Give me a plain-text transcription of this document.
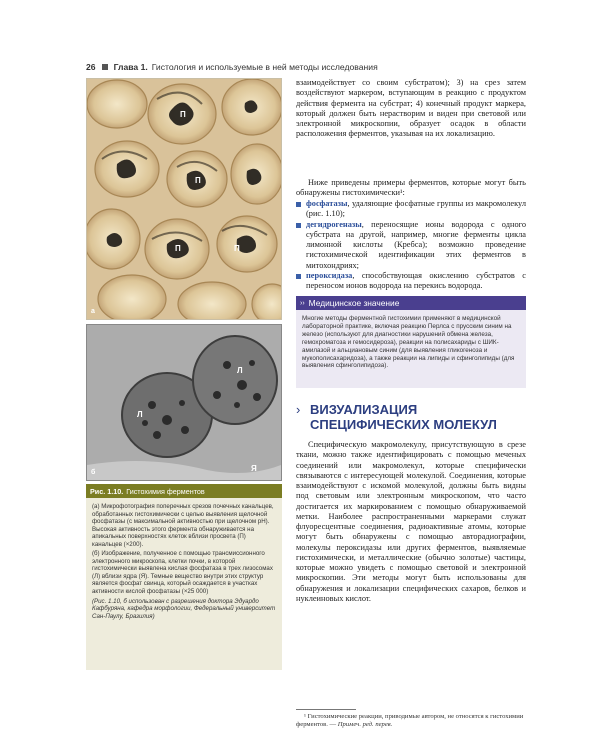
26 Глава 1. Гистология и используемые в ней методы исследования
П
П
П	П
а
Л
Л
Я
б
Рис. 1.10. Гистохимия ферментов

(а) Микрофотография поперечных срезов почечных канальцев, обработанных гистохимически с целью выявления щелочной фосфатазы (с максимальной активностью при щелочном рН). Высокая активность этого фермента обнаруживается на апикальных поверхностях клеток вблизи просвета (П) канальцев (×200).

(б) Изображение, полученное с помощью трансмиссионного электронного микроскопа, клетки почки, в которой гистохимически выявлена кислая фосфатаза в трех лизосомах (Л) вблизи ядра (Я). Темные вещество внутри этих структур является фосфат свинца, который осаждается в участках активности кислой фосфатазы (×25 000)

(Рис. 1.10, б использован с разрешения доктора Эдуардо Кафбуряна, кафедра морфологии, Федеральный университет Сан-Паулу, Бразилия)

взаимодействует со своим субстратом); 3) на срез затем воздействуют маркером, вступающим в реакцию с продуктом действия фермента на субстрат; 4) конечный продукт маркера, который должен быть нерастворим и виден при световой или электронной микроскопии, образует осадок в области расположения ферментов, указывая на их локализацию.

Ниже приведены примеры ферментов, которые могут быть обнаружены гистохимически¹:

фосфатазы, удаляющие фосфатные группы из макромолекул (рис. 1.10);
дегидрогеназы, переносящие ионы водорода с одного субстрата на другой, например, многие ферменты цикла лимонной кислоты (Кребса); возможно проведение гистохимической идентификации этих ферментов в митохондриях;
пероксидаза, способствующая окислению субстратов с переносом ионов водорода на перекись водорода.
›› Медицинское значение
Многие методы ферментной гистохимии применяют в медицинской лабораторной практике, включая реакцию Перлса с прусским синим на железо (используют для диагностики нарушений обмена железа, гемохроматоза и гемосидероза), реакции на полисахариды с ШИК-амилазой и альциановым синим (для выявления гликогеноза и мукополисахаридоза), а также реакции на липиды и сфинголипиды (для выявления сфинголипидоза).
› ВИЗУАЛИЗАЦИЯ СПЕЦИФИЧЕСКИХ МОЛЕКУЛ

Специфическую макромолекулу, присутствующую в срезе ткани, можно также идентифицировать с помощью меченых соединений или макромолекул, которые специфически связываются с интересующей молекулой. Соединения, которые взаимодействуют с искомой молекулой, должны быть видны под световым или электронным микроскопом, что часто достигается их маркированием с помощью обнаруживаемой метки. Наиболее распространенными маркерами служат флуоресцентные соединения, радиоактивные атомы, которые могут быть обнаружены с помощью авторадиографии, молекулы пероксидазы или других ферментов, выявляемые гистохимически, и металлические (обычно золотые) частицы, которые можно увидеть с помощью световой и электронной микроскопии. Эти методы могут быть использованы для обнаружения и локализации специфических сахаров, белков и нуклеиновых кислот.

¹ Гистохимические реакции, приводимые автором, не относятся к гистохимии ферментов. — Примеч. ред. перев.
